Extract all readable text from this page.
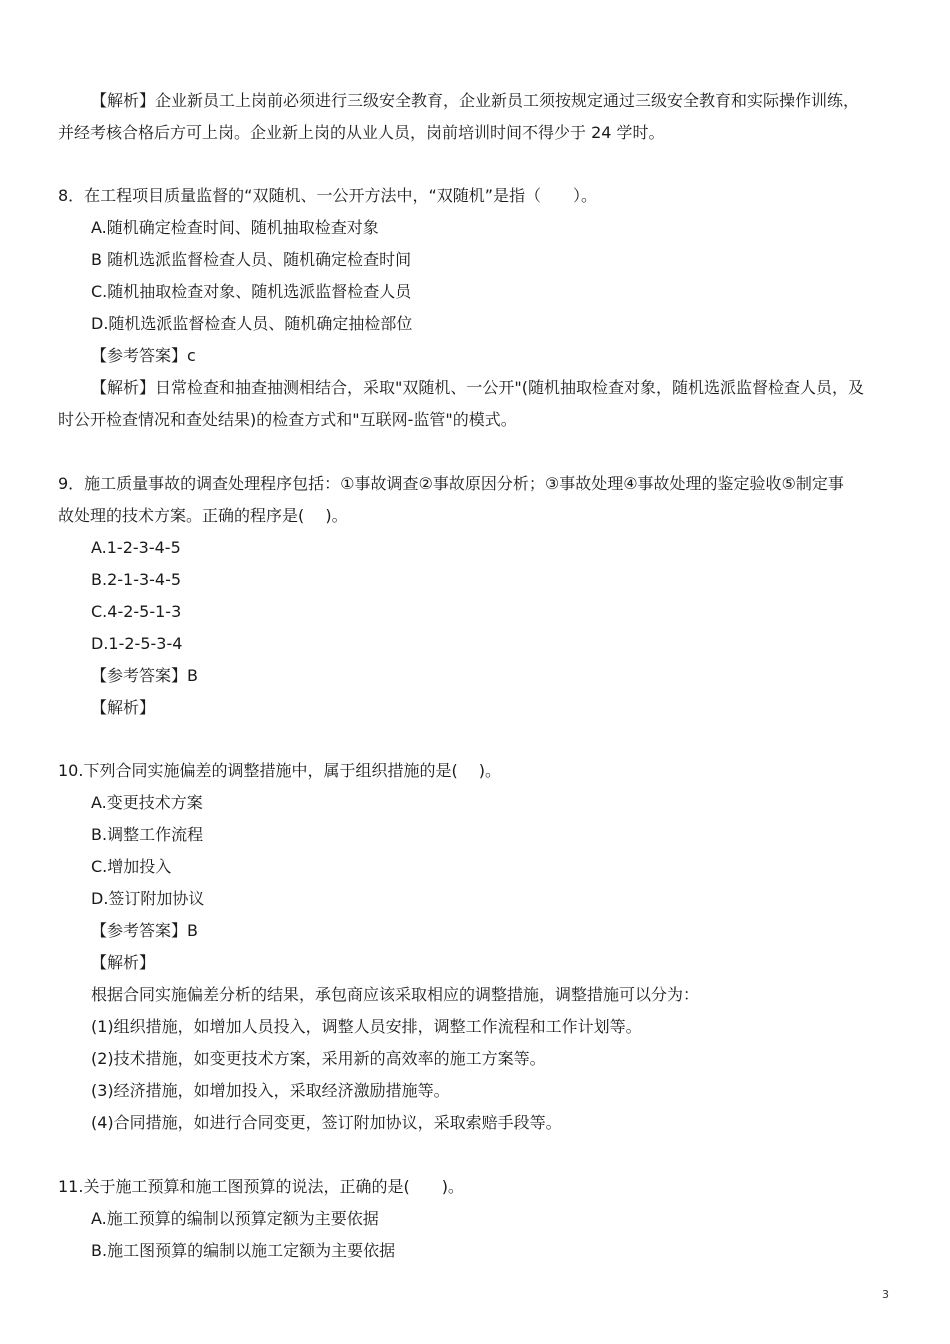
【解析】企业新员工上岗前必须进行三级安全教育，企业新员工须按规定通过三级安全教育和实际操作训练，
并经考核合格后方可上岗。企业新上岗的从业人员，岗前培训时间不得少于 24 学时。
8．在工程项目质量监督的“双随机、一公开方法中，“双随机”是指（　　）。
A.随机确定检查时间、随机抽取检查对象
B 随机选派监督检查人员、随机确定检查时间
C.随机抽取检查对象、随机选派监督检查人员
D.随机选派监督检查人员、随机确定抽检部位
【参考答案】c
【解析】日常检查和抽查抽测相结合，采取"双随机、一公开"(随机抽取检查对象，随机选派监督检查人员，及
时公开检查情况和查处结果)的检查方式和"互联网-监管"的模式。
9．施工质量事故的调查处理程序包括：①事故调查②事故原因分析；③事故处理④事故处理的鉴定验收⑤制定事
故处理的技术方案。正确的程序是(　 )。
A.1-2-3-4-5
B.2-1-3-4-5
C.4-2-5-1-3
D.1-2-5-3-4
【参考答案】B
【解析】
10.下列合同实施偏差的调整措施中，属于组织措施的是(　 )。
A.变更技术方案
B.调整工作流程
C.增加投入
D.签订附加协议
【参考答案】B
【解析】
根据合同实施偏差分析的结果，承包商应该采取相应的调整措施，调整措施可以分为：
(1)组织措施，如增加人员投入，调整人员安排，调整工作流程和工作计划等。
(2)技术措施，如变更技术方案，采用新的高效率的施工方案等。
(3)经济措施，如增加投入，采取经济激励措施等。
(4)合同措施，如进行合同变更，签订附加协议，采取索赔手段等。
11.关于施工预算和施工图预算的说法，正确的是(　　)。
A.施工预算的编制以预算定额为主要依据
B.施工图预算的编制以施工定额为主要依据
3
